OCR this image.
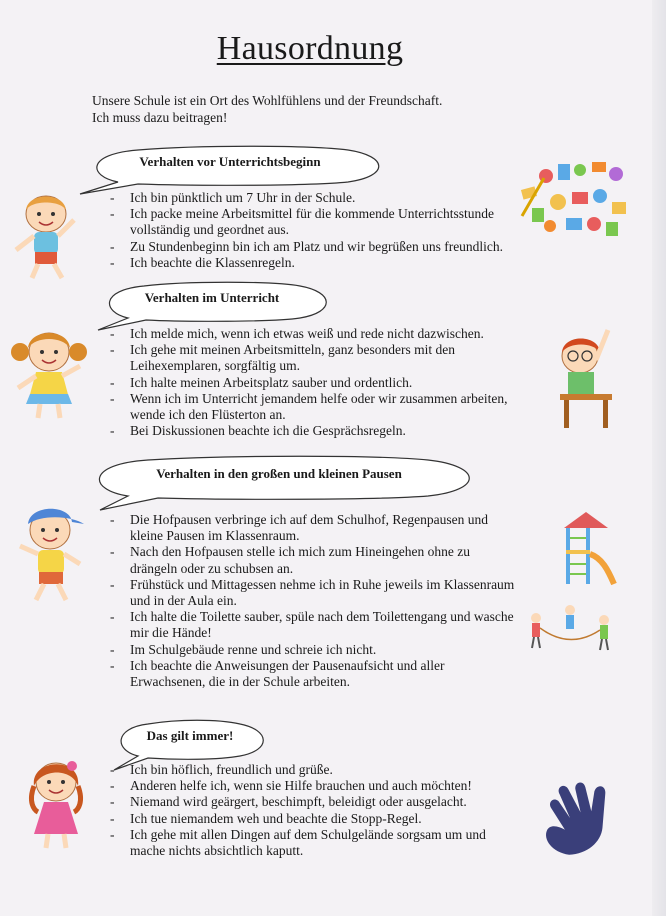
Hausordnung
Unsere Schule ist ein Ort des Wohlfühlens und der Freundschaft.
Ich muss dazu beitragen!
Verhalten vor Unterrichtsbeginn
- Ich bin pünktlich um 7 Uhr in der Schule.
- Ich packe meine Arbeitsmittel für die kommende Unterrichtsstunde vollständig und geordnet aus.
- Zu Stundenbeginn bin ich am Platz und wir begrüßen uns freundlich.
- Ich beachte die Klassenregeln.
Verhalten im Unterricht
- Ich melde mich, wenn ich etwas weiß und rede nicht dazwischen.
- Ich gehe mit meinen Arbeitsmitteln, ganz besonders mit den Leihexemplaren, sorgfältig um.
- Ich halte meinen Arbeitsplatz sauber und ordentlich.
- Wenn ich im Unterricht jemandem helfe oder wir zusammen arbeiten, wende ich den Flüsterton an.
- Bei Diskussionen beachte ich die Gesprächsregeln.
Verhalten in den großen und kleinen Pausen
- Die Hofpausen verbringe ich auf dem Schulhof, Regenpausen und kleine Pausen im Klassenraum.
- Nach den Hofpausen stelle ich mich zum Hineingehen ohne zu drängeln oder zu schubsen an.
- Frühstück und Mittagessen nehme ich in Ruhe jeweils im Klassenraum und in der Aula ein.
- Ich halte die Toilette sauber, spüle nach dem Toilettengang und wasche mir die Hände!
- Im Schulgebäude renne und schreie ich nicht.
- Ich beachte die Anweisungen der Pausenaufsicht und aller Erwachsenen, die in der Schule arbeiten.
Das gilt immer!
- Ich bin höflich, freundlich und grüße.
- Anderen helfe ich, wenn sie Hilfe brauchen und auch möchten!
- Niemand wird geärgert, beschimpft, beleidigt oder ausgelacht.
- Ich tue niemandem weh und beachte die Stopp-Regel.
- Ich gehe mit allen Dingen auf dem Schulgelände sorgsam um und mache nichts absichtlich kaputt.
